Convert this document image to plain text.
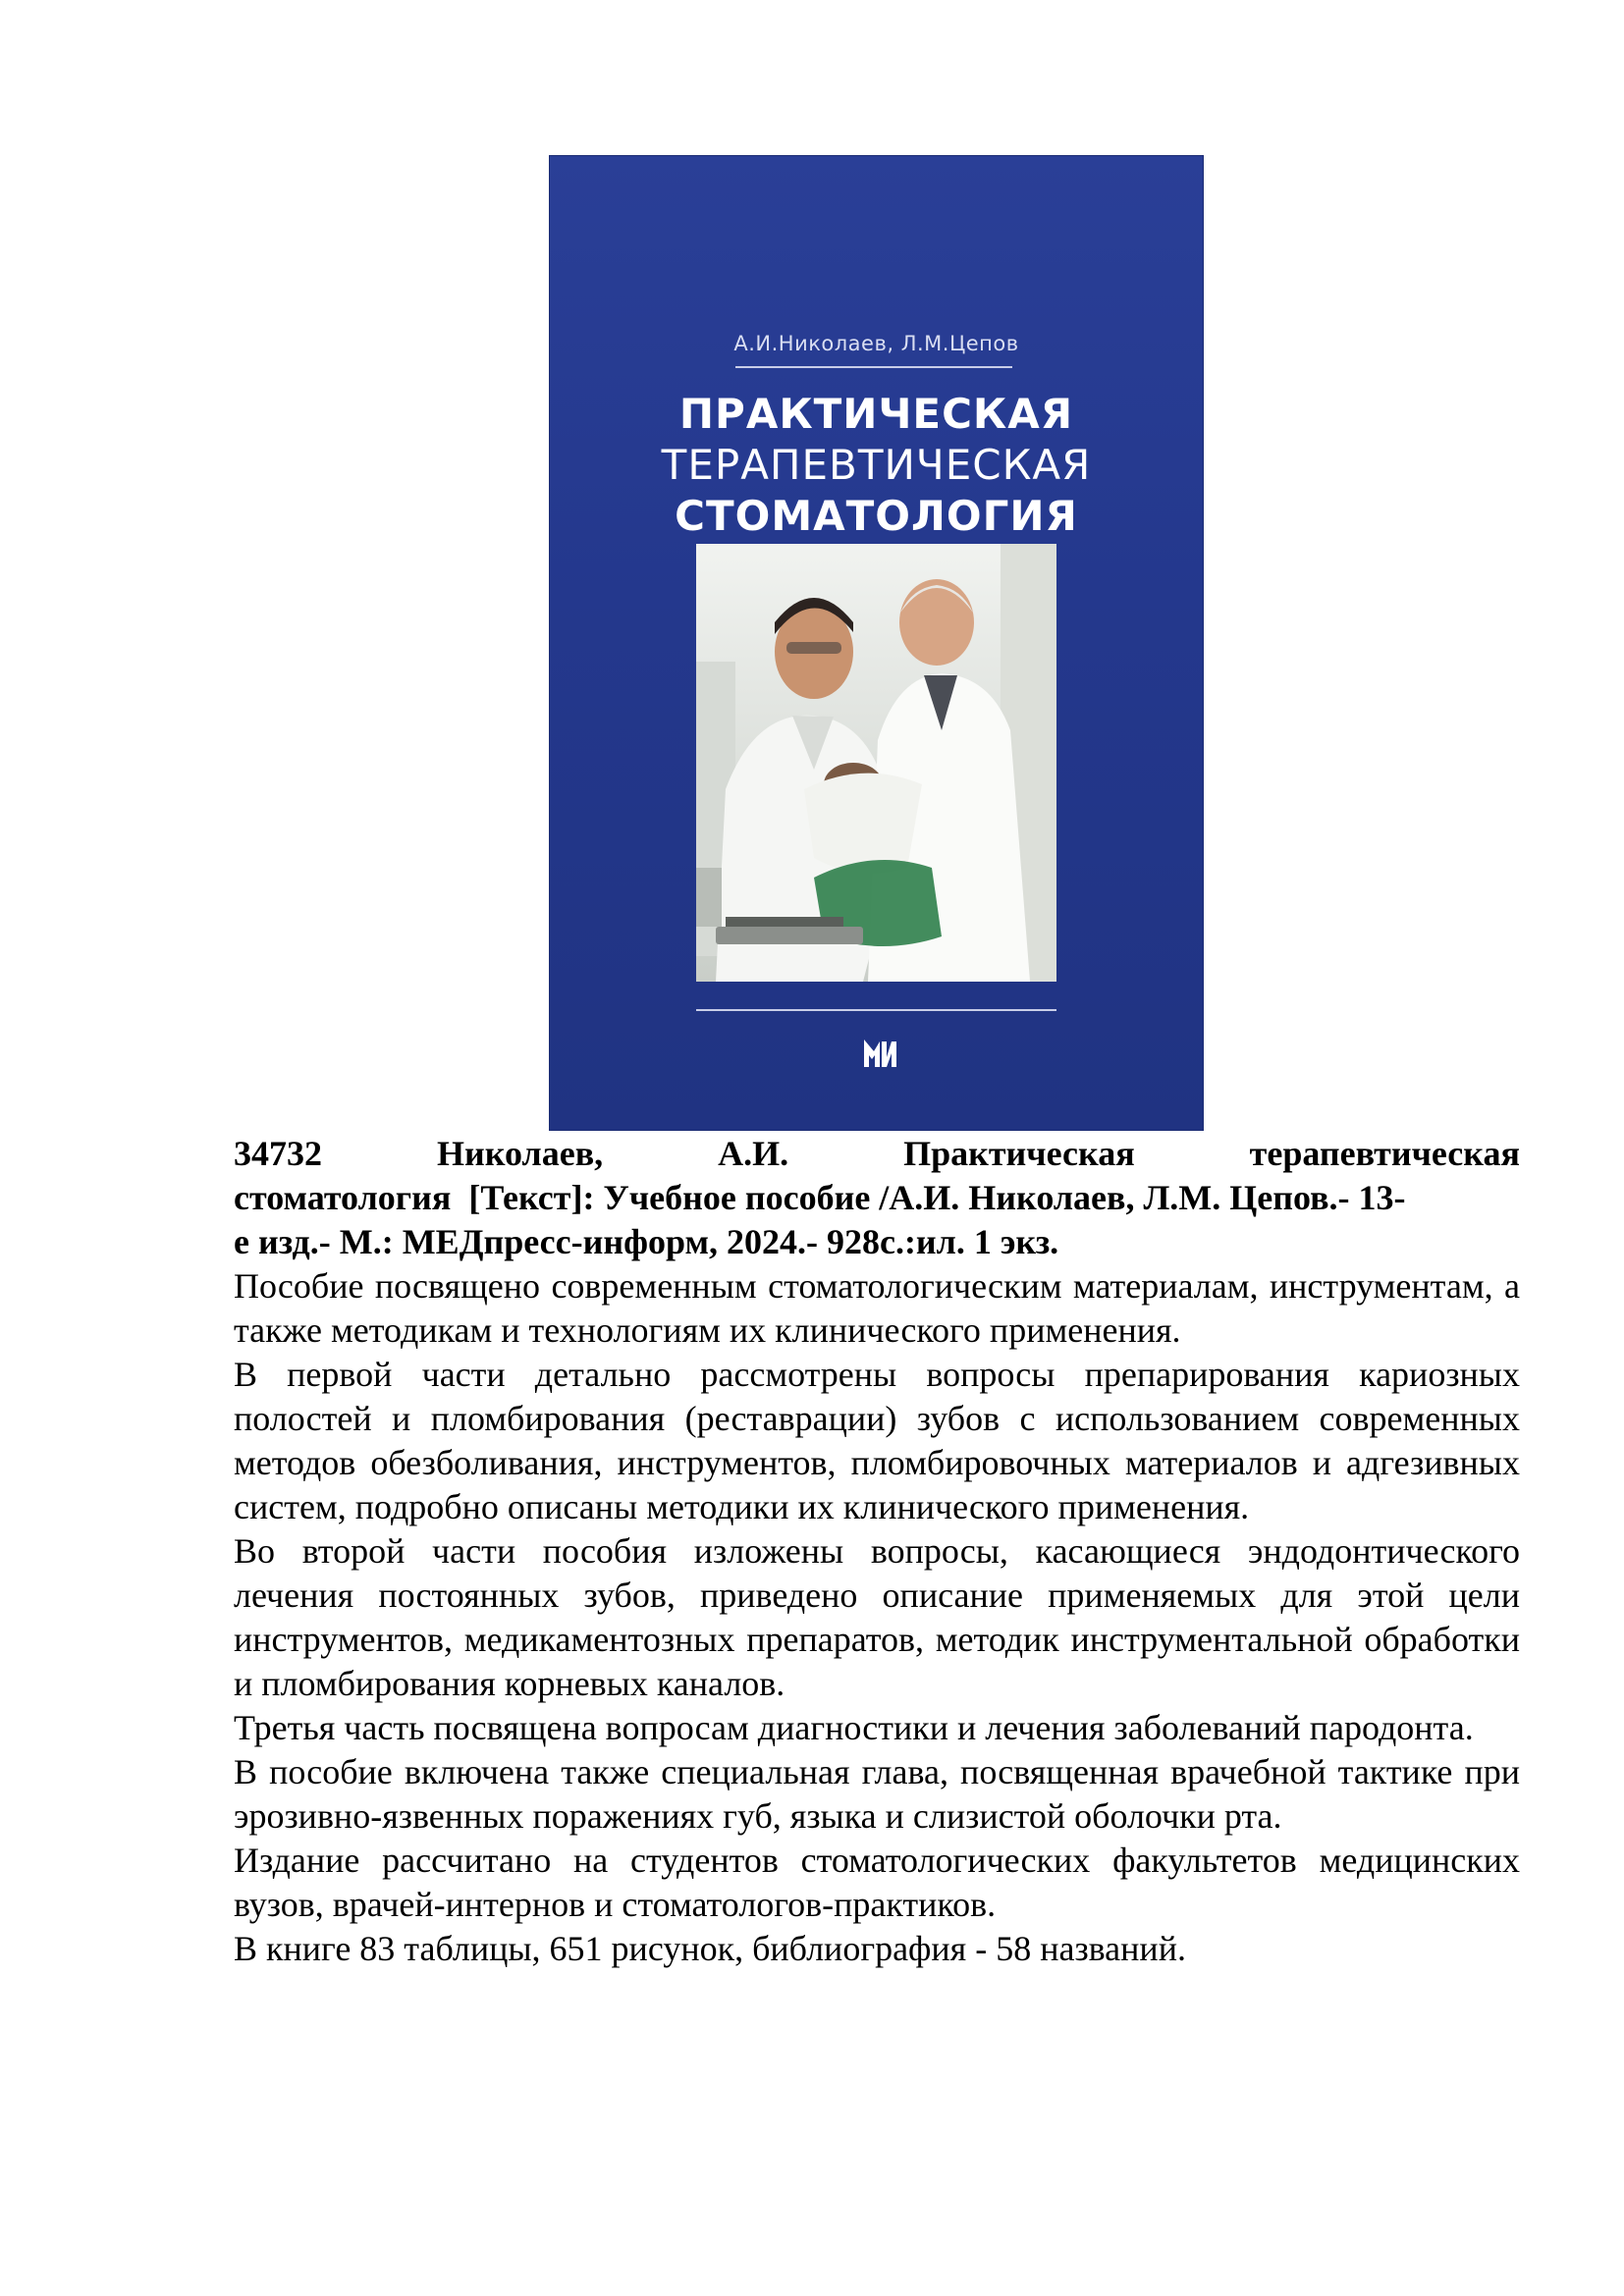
А.И.Николаев, Л.М.Цепов
ПРАКТИЧЕСКАЯ
ТЕРАПЕВТИЧЕСКАЯ
СТОМАТОЛОГИЯ
34732	Николаев,	А.И.	Практическая	терапевтическая
стоматология  [Текст]: Учебное пособие /А.И. Николаев, Л.М. Цепов.- 13-
е изд.- М.: МЕДпресс-информ, 2024.- 928с.:ил. 1 экз.

Пособие посвящено современным стоматологическим материалам, инструментам, а также методикам и технологиям их клинического применения.

В первой части детально рассмотрены вопросы препарирования кариозных полостей и пломбирования (реставрации) зубов с использованием современных методов обезболивания, инструментов, пломбировочных материалов и адгезивных систем, подробно описаны методики их клинического применения.

Во второй части пособия изложены вопросы, касающиеся эндодонтического лечения постоянных зубов, приведено описание применяемых для этой цели инструментов, медикаментозных препаратов, методик инструментальной обработки и пломбирования корневых каналов.

Третья часть посвящена вопросам диагностики и лечения заболеваний пародонта.

В пособие включена также специальная глава, посвященная врачебной тактике при эрозивно-язвенных поражениях губ, языка и слизистой оболочки рта.

Издание рассчитано на студентов стоматологических факультетов медицинских вузов, врачей-интернов и стоматологов-практиков.

В книге 83 таблицы, 651 рисунок, библиография - 58 названий.
